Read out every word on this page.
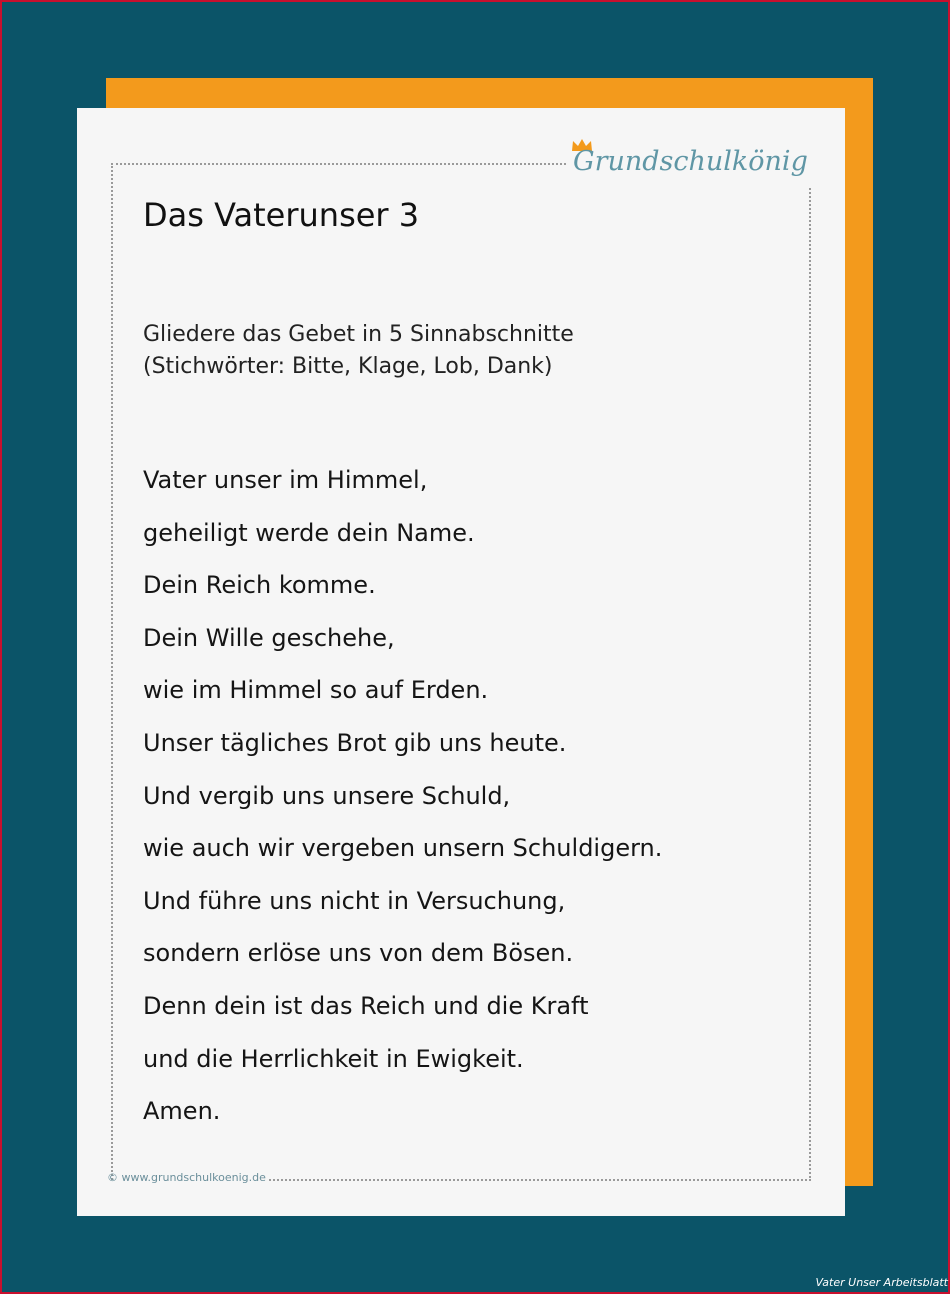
Grundschulkönig
Das Vaterunser 3
Gliedere das Gebet in 5 Sinnabschnitte
(Stichwörter: Bitte, Klage, Lob, Dank)
Vater unser im Himmel,
geheiligt werde dein Name.
Dein Reich komme.
Dein Wille geschehe,
wie im Himmel so auf Erden.
Unser tägliches Brot gib uns heute.
Und vergib uns unsere Schuld,
wie auch wir vergeben unsern Schuldigern.
Und führe uns nicht in Versuchung,
sondern erlöse uns von dem Bösen.
Denn dein ist das Reich und die Kraft
und die Herrlichkeit in Ewigkeit.
Amen.
© www.grundschulkoenig.de
Vater Unser Arbeitsblatt
